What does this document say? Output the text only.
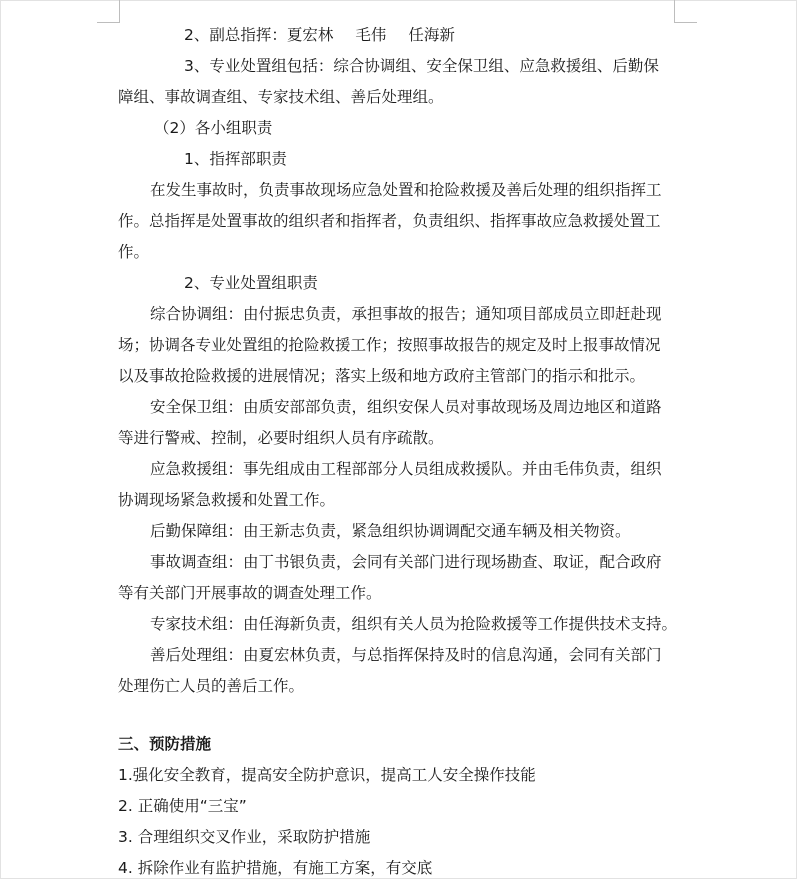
2、副总指挥：夏宏林 毛伟 任海新
3、专业处置组包括：综合协调组、安全保卫组、应急救援组、后勤保
障组、事故调查组、专家技术组、善后处理组。
（2）各小组职责
1、指挥部职责
在发生事故时，负责事故现场应急处置和抢险救援及善后处理的组织指挥工
作。总指挥是处置事故的组织者和指挥者，负责组织、指挥事故应急救援处置工
作。
2、专业处置组职责
综合协调组：由付振忠负责，承担事故的报告；通知项目部成员立即赶赴现
场；协调各专业处置组的抢险救援工作；按照事故报告的规定及时上报事故情况
以及事故抢险救援的进展情况；落实上级和地方政府主管部门的指示和批示。
安全保卫组：由质安部部负责，组织安保人员对事故现场及周边地区和道路
等进行警戒、控制，必要时组织人员有序疏散。
应急救援组：事先组成由工程部部分人员组成救援队。并由毛伟负责，组织
协调现场紧急救援和处置工作。
后勤保障组：由王新志负责，紧急组织协调调配交通车辆及相关物资。
事故调查组：由丁书银负责，会同有关部门进行现场勘查、取证，配合政府
等有关部门开展事故的调查处理工作。
专家技术组：由任海新负责，组织有关人员为抢险救援等工作提供技术支持。
善后处理组：由夏宏林负责，与总指挥保持及时的信息沟通，会同有关部门
处理伤亡人员的善后工作。
三、预防措施
1.强化安全教育，提高安全防护意识，提高工人安全操作技能
2. 正确使用“三宝”
3. 合理组织交叉作业，采取防护措施
4. 拆除作业有监护措施，有施工方案，有交底
